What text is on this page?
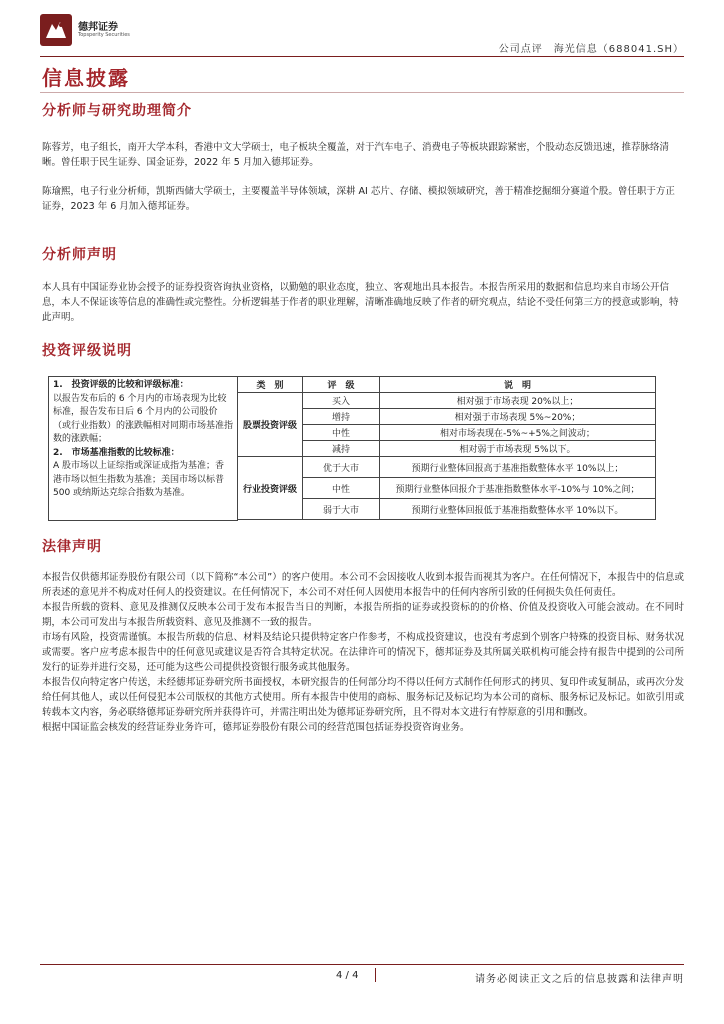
德邦证券
Topsperity Securities
公司点评　海光信息（688041.SH）
信息披露
分析师与研究助理简介
陈蓉芳，电子组长，南开大学本科，香港中文大学硕士，电子板块全覆盖，对于汽车电子、消费电子等板块跟踪紧密，个股动态反馈迅速，推荐脉络清晰。曾任职于民生证券、国金证券，2022 年 5 月加入德邦证券。
陈瑜熙，电子行业分析师，凯斯西储大学硕士，主要覆盖半导体领域，深耕 AI 芯片、存储、模拟领域研究，善于精准挖掘细分赛道个股。曾任职于方正证券，2023 年 6 月加入德邦证券。
分析师声明
本人具有中国证券业协会授予的证券投资咨询执业资格，以勤勉的职业态度，独立、客观地出具本报告。本报告所采用的数据和信息均来自市场公开信息，本人不保证该等信息的准确性或完整性。分析逻辑基于作者的职业理解，清晰准确地反映了作者的研究观点，结论不受任何第三方的授意或影响，特此声明。
投资评级说明
1.　投资评级的比较和评级标准：
以报告发布后的 6 个月内的市场表现为比较标准，报告发布日后 6 个月内的公司股价（或行业指数）的涨跌幅相对同期市场基准指数的涨跌幅；
2.　市场基准指数的比较标准：
A 股市场以上证综指或深证成指为基准；香港市场以恒生指数为基准；美国市场以标普 500 或纳斯达克综合指数为基准。	类　别	评　级	说　明
	股票投资评级	买入	相对强于市场表现 20%以上；
		增持	相对强于市场表现 5%~20%；
		中性	相对市场表现在-5%~+5%之间波动；
		减持	相对弱于市场表现 5%以下。
	行业投资评级	优于大市	预期行业整体回报高于基准指数整体水平 10%以上；
		中性	预期行业整体回报介于基准指数整体水平-10%与 10%之间；
		弱于大市	预期行业整体回报低于基准指数整体水平 10%以下。

法律声明

本报告仅供德邦证券股份有限公司（以下简称“本公司”）的客户使用。本公司不会因接收人收到本报告而视其为客户。在任何情况下，本报告中的信息或所表述的意见并不构成对任何人的投资建议。在任何情况下，本公司不对任何人因使用本报告中的任何内容所引致的任何损失负任何责任。

本报告所载的资料、意见及推测仅反映本公司于发布本报告当日的判断，本报告所指的证券或投资标的的价格、价值及投资收入可能会波动。在不同时期，本公司可发出与本报告所载资料、意见及推测不一致的报告。

市场有风险，投资需谨慎。本报告所载的信息、材料及结论只提供特定客户作参考，不构成投资建议，也没有考虑到个别客户特殊的投资目标、财务状况或需要。客户应考虑本报告中的任何意见或建议是否符合其特定状况。在法律许可的情况下，德邦证券及其所属关联机构可能会持有报告中提到的公司所发行的证券并进行交易，还可能为这些公司提供投资银行服务或其他服务。

本报告仅向特定客户传送，未经德邦证券研究所书面授权，本研究报告的任何部分均不得以任何方式制作任何形式的拷贝、复印件或复制品，或再次分发给任何其他人，或以任何侵犯本公司版权的其他方式使用。所有本报告中使用的商标、服务标记及标记均为本公司的商标、服务标记及标记。如欲引用或转载本文内容，务必联络德邦证券研究所并获得许可，并需注明出处为德邦证券研究所，且不得对本文进行有悖原意的引用和删改。

根据中国证监会核发的经营证券业务许可，德邦证券股份有限公司的经营范围包括证券投资咨询业务。

4 / 4	请务必阅读正文之后的信息披露和法律声明
